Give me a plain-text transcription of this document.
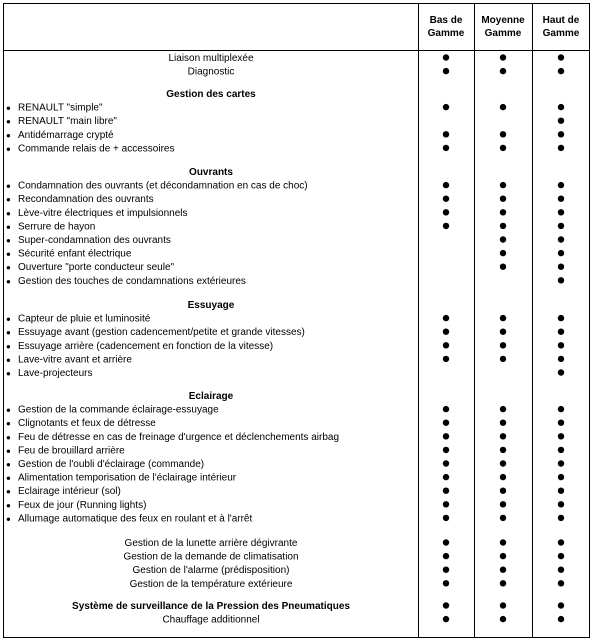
Bas de
Gamme
Moyenne
Gamme
Haut de
Gamme
Liaison multiplexée
Diagnostic
Gestion des cartes
● RENAULT "simple"
● RENAULT "main libre"
● Antidémarrage crypté
● Commande relais de + accessoires
Ouvrants
● Condamnation des ouvrants (et décondamnation en cas de choc)
● Recondamnation des ouvrants
● Lève-vitre électriques et impulsionnels
● Serrure de hayon
● Super-condamnation des ouvrants
● Sécurité enfant électrique
● Ouverture "porte conducteur seule"
● Gestion des touches de condamnations extérieures
Essuyage
● Capteur de pluie et luminosité
● Essuyage avant (gestion cadencement/petite et grande vitesses)
● Essuyage arrière (cadencement en fonction de la vitesse)
● Lave-vitre avant et arrière
● Lave-projecteurs
Eclairage
● Gestion de la commande éclairage-essuyage
● Clignotants et feux de détresse
● Feu de détresse en cas de freinage d'urgence et déclenchements airbag
● Feu de brouillard arrière
● Gestion de l'oubli d'éclairage (commande)
● Alimentation temporisation de l'éclairage intérieur
● Eclairage intérieur (sol)
● Feux de jour (Running lights)
● Allumage automatique des feux en roulant et à l'arrêt
Gestion de la lunette arrière dégivrante
Gestion de la demande de climatisation
Gestion de l'alarme (prédisposition)
Gestion de la température extérieure
Système de surveillance de la Pression des Pneumatiques
Chauffage additionnel
